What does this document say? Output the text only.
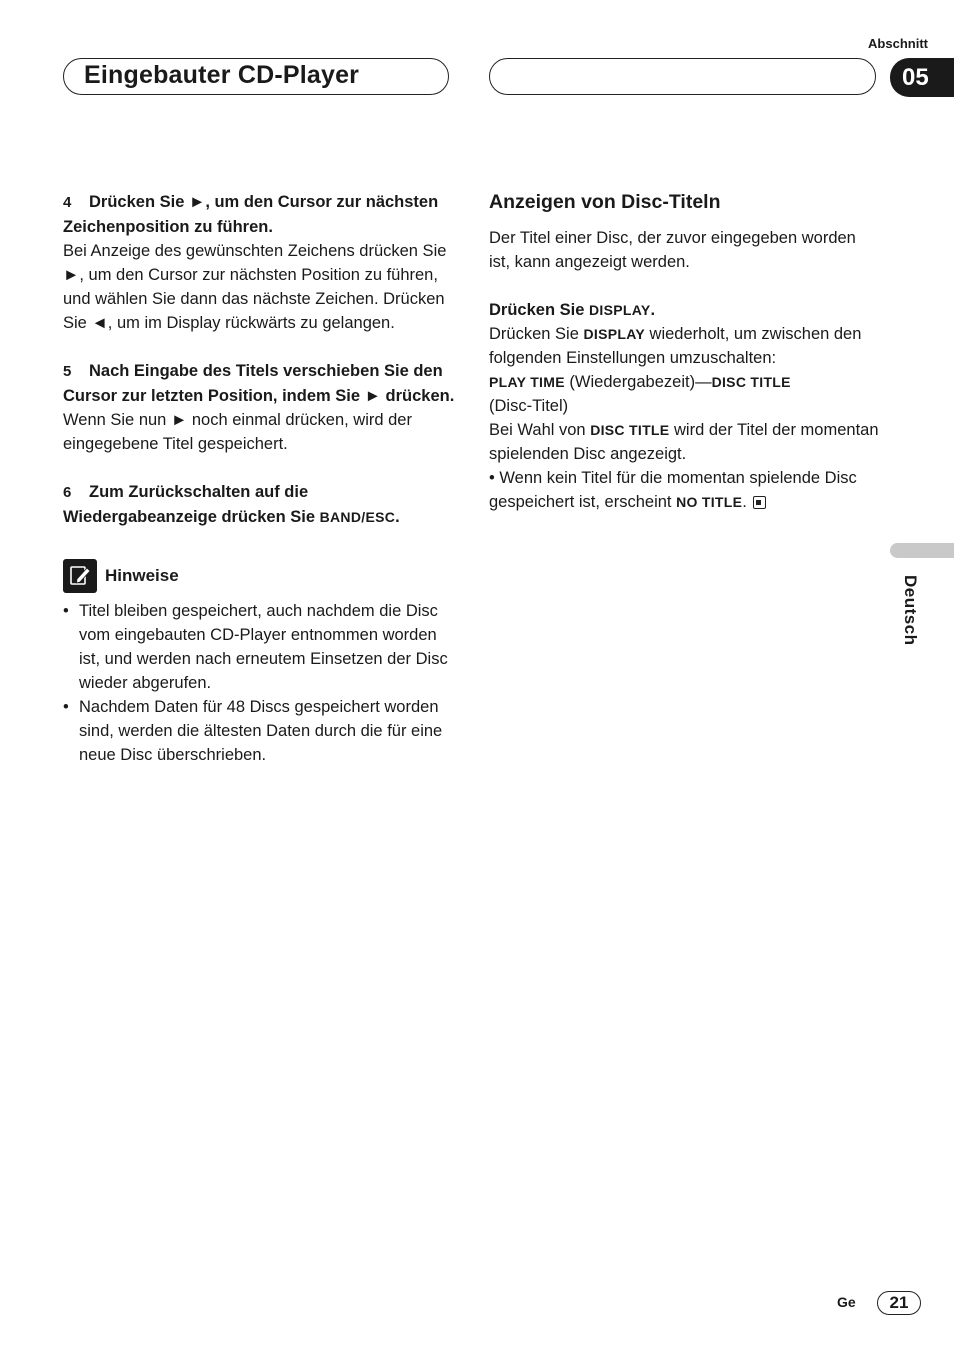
Abschnitt
Eingebauter CD-Player	05

4 Drücken Sie ►, um den Cursor zur nächsten Zeichenposition zu führen.

Bei Anzeige des gewünschten Zeichens drücken Sie ►, um den Cursor zur nächsten Position zu führen, und wählen Sie dann das nächste Zeichen. Drücken Sie ◄, um im Display rückwärts zu gelangen.

5 Nach Eingabe des Titels verschieben Sie den Cursor zur letzten Position, indem Sie ► drücken.

Wenn Sie nun ► noch einmal drücken, wird der eingegebene Titel gespeichert.

6 Zum Zurückschalten auf die Wiedergabeanzeige drücken Sie BAND/ESC.

Hinweise
• Titel bleiben gespeichert, auch nachdem die Disc vom eingebauten CD-Player entnommen worden ist, und werden nach erneutem Einsetzen der Disc wieder abgerufen.
• Nachdem Daten für 48 Discs gespeichert worden sind, werden die ältesten Daten durch die für eine neue Disc überschrieben.
Anzeigen von Disc-Titeln

Der Titel einer Disc, der zuvor eingegeben worden ist, kann angezeigt werden.

Drücken Sie DISPLAY.

Drücken Sie DISPLAY wiederholt, um zwischen den folgenden Einstellungen umzuschalten:
PLAY TIME (Wiedergabezeit)—DISC TITLE
(Disc-Titel)
Bei Wahl von DISC TITLE wird der Titel der momentan spielenden Disc angezeigt.

• Wenn kein Titel für die momentan spielende Disc gespeichert ist, erscheint NO TITLE.

Deutsch
Ge	21
